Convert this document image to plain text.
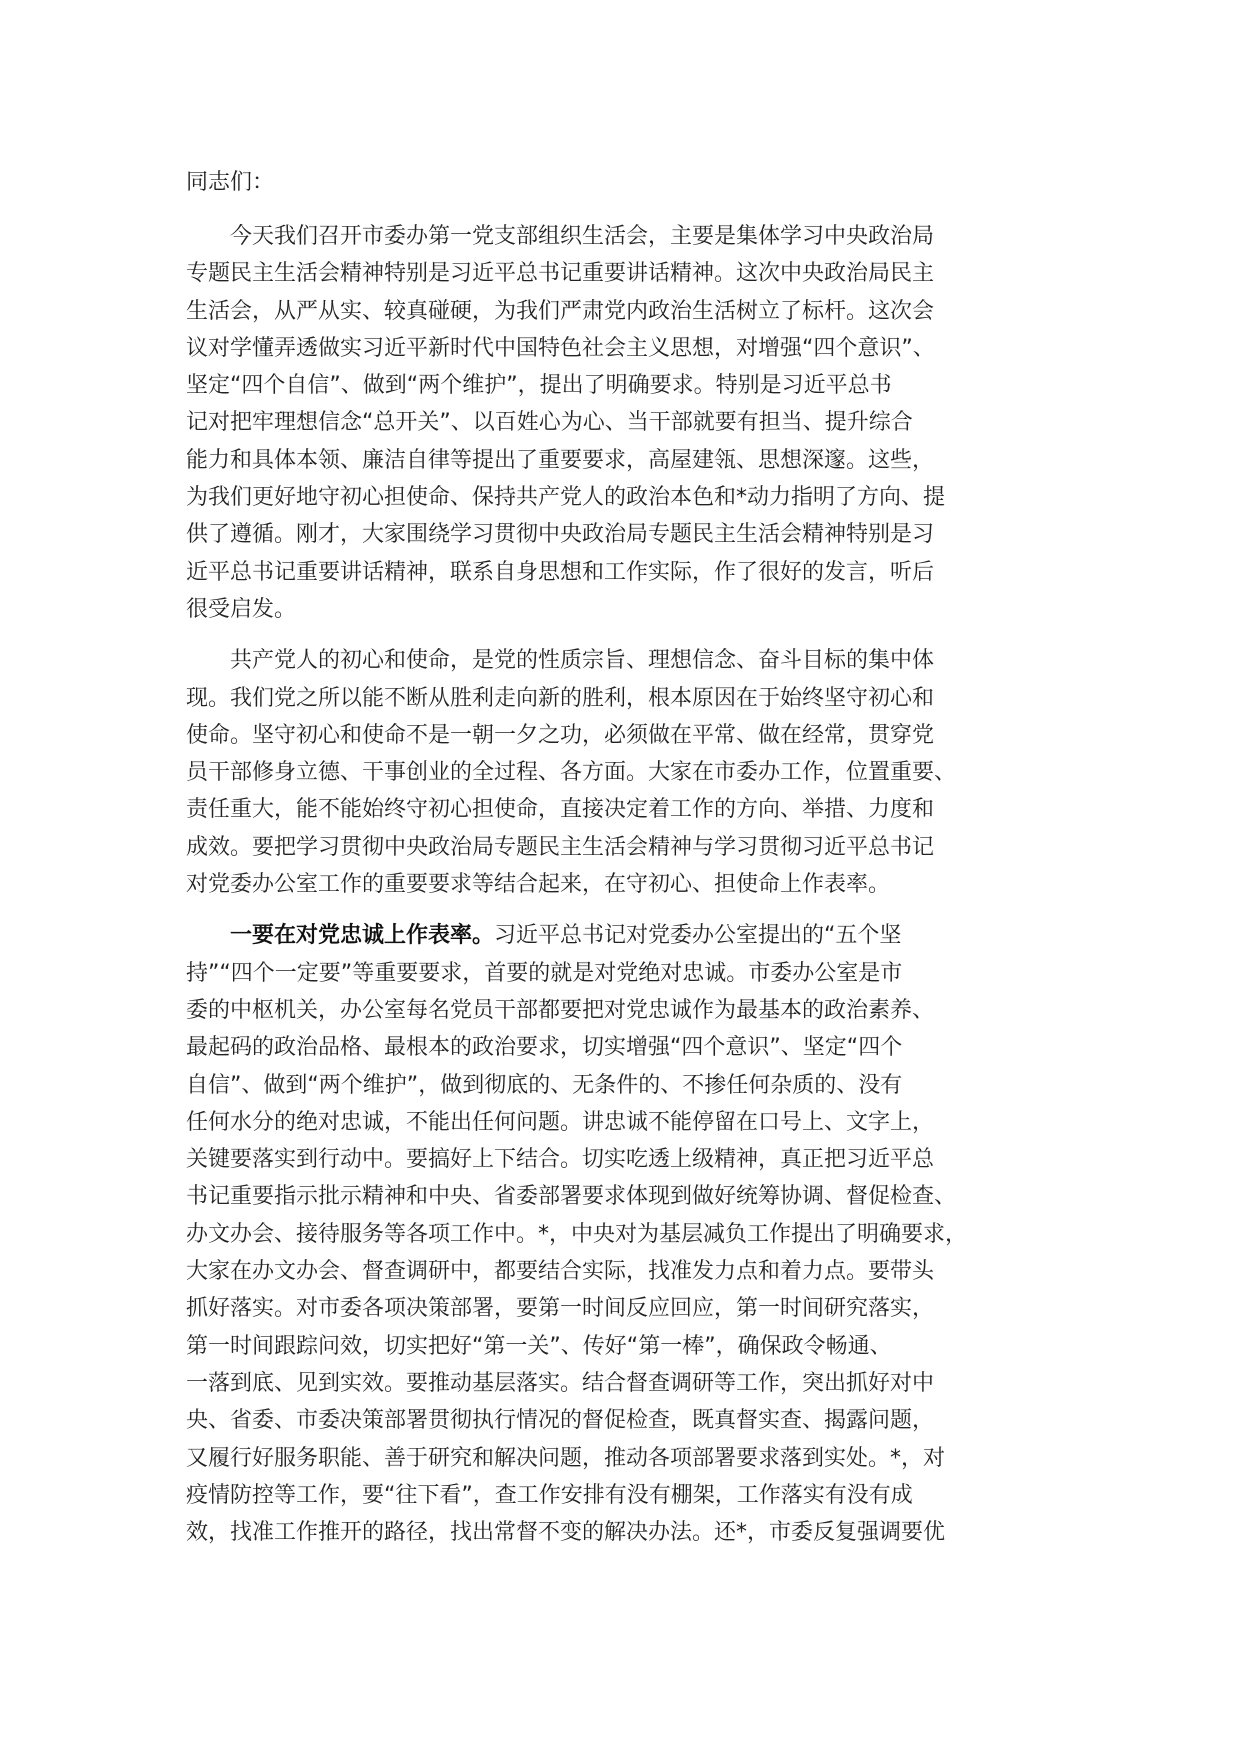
同志们：
今天我们召开市委办第一党支部组织生活会，主要是集体学习中央政治局
专题民主生活会精神特别是习近平总书记重要讲话精神。这次中央政治局民主
生活会，从严从实、较真碰硬，为我们严肃党内政治生活树立了标杆。这次会
议对学懂弄透做实习近平新时代中国特色社会主义思想，对增强“四个意识”、
坚定“四个自信”、做到“两个维护”，提出了明确要求。特别是习近平总书
记对把牢理想信念“总开关”、以百姓心为心、当干部就要有担当、提升综合
能力和具体本领、廉洁自律等提出了重要要求，高屋建瓴、思想深邃。这些，
为我们更好地守初心担使命、保持共产党人的政治本色和*动力指明了方向、提
供了遵循。刚才，大家围绕学习贯彻中央政治局专题民主生活会精神特别是习
近平总书记重要讲话精神，联系自身思想和工作实际，作了很好的发言，听后
很受启发。
共产党人的初心和使命，是党的性质宗旨、理想信念、奋斗目标的集中体
现。我们党之所以能不断从胜利走向新的胜利，根本原因在于始终坚守初心和
使命。坚守初心和使命不是一朝一夕之功，必须做在平常、做在经常，贯穿党
员干部修身立德、干事创业的全过程、各方面。大家在市委办工作，位置重要、
责任重大，能不能始终守初心担使命，直接决定着工作的方向、举措、力度和
成效。要把学习贯彻中央政治局专题民主生活会精神与学习贯彻习近平总书记
对党委办公室工作的重要要求等结合起来，在守初心、担使命上作表率。
一要在对党忠诚上作表率。习近平总书记对党委办公室提出的“五个坚
持”“四个一定要”等重要要求，首要的就是对党绝对忠诚。市委办公室是市
委的中枢机关，办公室每名党员干部都要把对党忠诚作为最基本的政治素养、
最起码的政治品格、最根本的政治要求，切实增强“四个意识”、坚定“四个
自信”、做到“两个维护”，做到彻底的、无条件的、不掺任何杂质的、没有
任何水分的绝对忠诚，不能出任何问题。讲忠诚不能停留在口号上、文字上，
关键要落实到行动中。要搞好上下结合。切实吃透上级精神，真正把习近平总
书记重要指示批示精神和中央、省委部署要求体现到做好统筹协调、督促检查、
办文办会、接待服务等各项工作中。*，中央对为基层减负工作提出了明确要求，
大家在办文办会、督查调研中，都要结合实际，找准发力点和着力点。要带头
抓好落实。对市委各项决策部署，要第一时间反应回应，第一时间研究落实，
第一时间跟踪问效，切实把好“第一关”、传好“第一棒”，确保政令畅通、
一落到底、见到实效。要推动基层落实。结合督查调研等工作，突出抓好对中
央、省委、市委决策部署贯彻执行情况的督促检查，既真督实查、揭露问题，
又履行好服务职能、善于研究和解决问题，推动各项部署要求落到实处。*，对
疫情防控等工作，要“往下看”，查工作安排有没有棚架，工作落实有没有成
效，找准工作推开的路径，找出常督不变的解决办法。还*，市委反复强调要优
